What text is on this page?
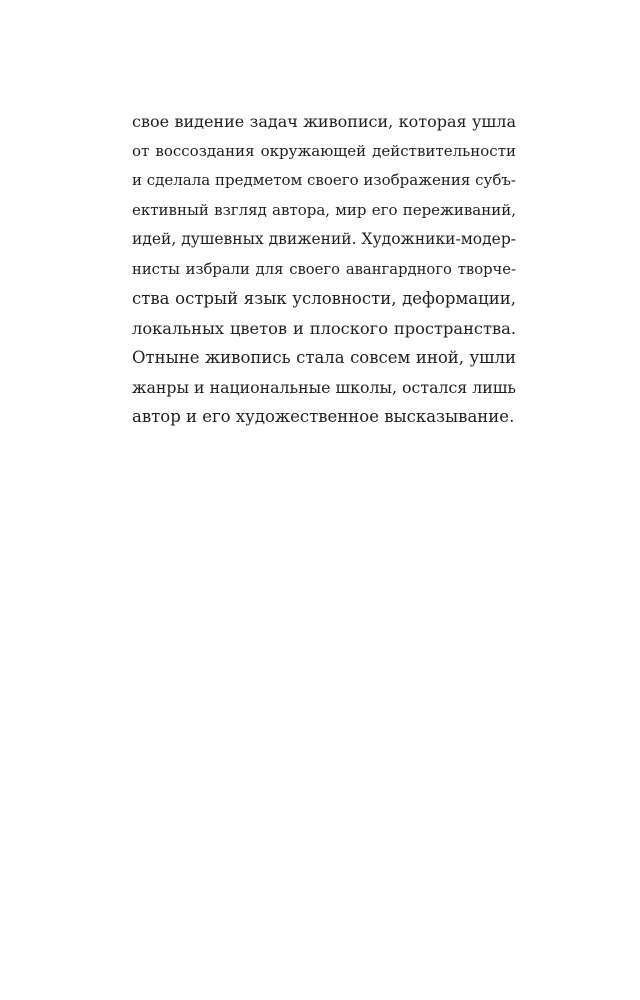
свое видение задач живописи, которая ушла
от воссоздания окружающей действительности
и сделала предметом своего изображения субъ-
ективный взгляд автора, мир его переживаний,
идей, душевных движений. Художники-модер-
нисты избрали для своего авангардного творче-
ства острый язык условности, деформации,
локальных цветов и плоского пространства.
Отныне живопись стала совсем иной, ушли
жанры и национальные школы, остался лишь
автор и его художественное высказывание.
